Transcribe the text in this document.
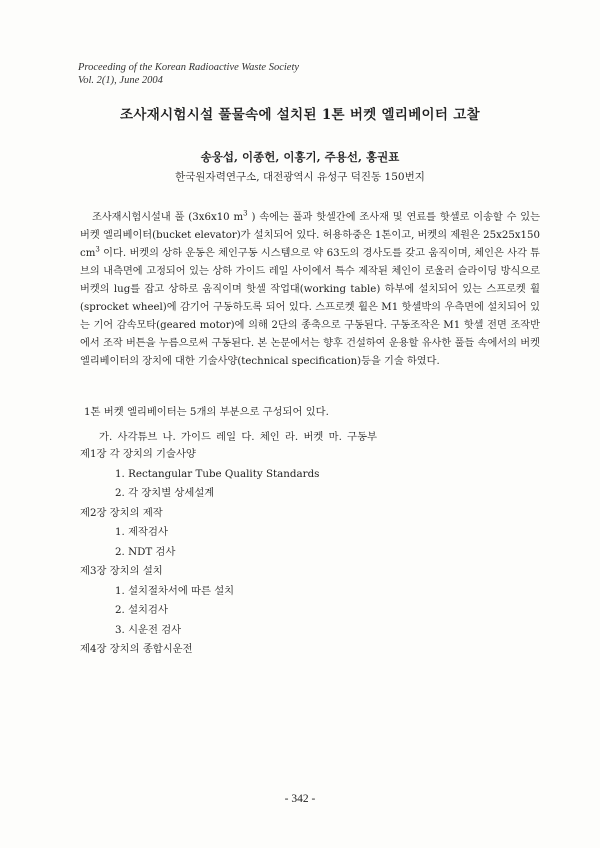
Proceeding of the Korean Radioactive Waste Society
Vol. 2(1), June 2004
조사재시험시설 풀물속에 설치된 1톤 버켓 엘리베이터 고찰
송웅섭, 이종헌, 이홍기, 주용선, 홍권표
한국원자력연구소, 대전광역시 유성구 덕진동 150번지

조사재시험시설내 풀 (3x6x10 $m^3$ ) 속에는 풀과 핫셀간에 조사재 및 연료를 핫셀로 이송할 수 있는 버켓 엘리베이터(bucket elevator)가 설치되어 있다. 허용하중은 1톤이고, 버켓의 제원은 25x25x150 $cm^3$ 이다. 버켓의 상하 운동은 체인구동 시스템으로 약 63도의 경사도를 갖고 움직이며, 체인은 사각 튜브의 내측면에 고정되어 있는 상하 가이드 레일 사이에서 특수 제작된 체인이 로울러 슬라이딩 방식으로 버켓의 lug를 잡고 상하로 움직이며 핫셀 작업대(working table) 하부에 설치되어 있는 스프로켓 휠(sprocket wheel)에 감기어 구동하도록 되어 있다. 스프로켓 휠은 M1 핫셀박의 우측면에 설치되어 있는 기어 감속모타(geared motor)에 의해 2단의 종축으로 구동된다. 구동조작은 M1 핫셀 전면 조작반에서 조작 버튼을 누름으로써 구동된다. 본 논문에서는 향후 건설하여 운용할 유사한 풀들 속에서의 버켓 엘리베이터의 장치에 대한 기술사양(technical specification)등을 기술 하였다.

1톤 버켓 엘리베이터는 5개의 부분으로 구성되어 있다.
가. 사각튜브 나. 가이드 레일 다. 체인 라. 버켓 마. 구동부
제1장 각 장치의 기술사양
1. Rectangular Tube Quality Standards
2. 각 장치별 상세설계
제2장 장치의 제작
1. 제작검사
2. NDT 검사
제3장 장치의 설치
1. 설치절차서에 따른 설치
2. 설치검사
3. 시운전 검사
제4장 장치의 종합시운전
- 342 -
